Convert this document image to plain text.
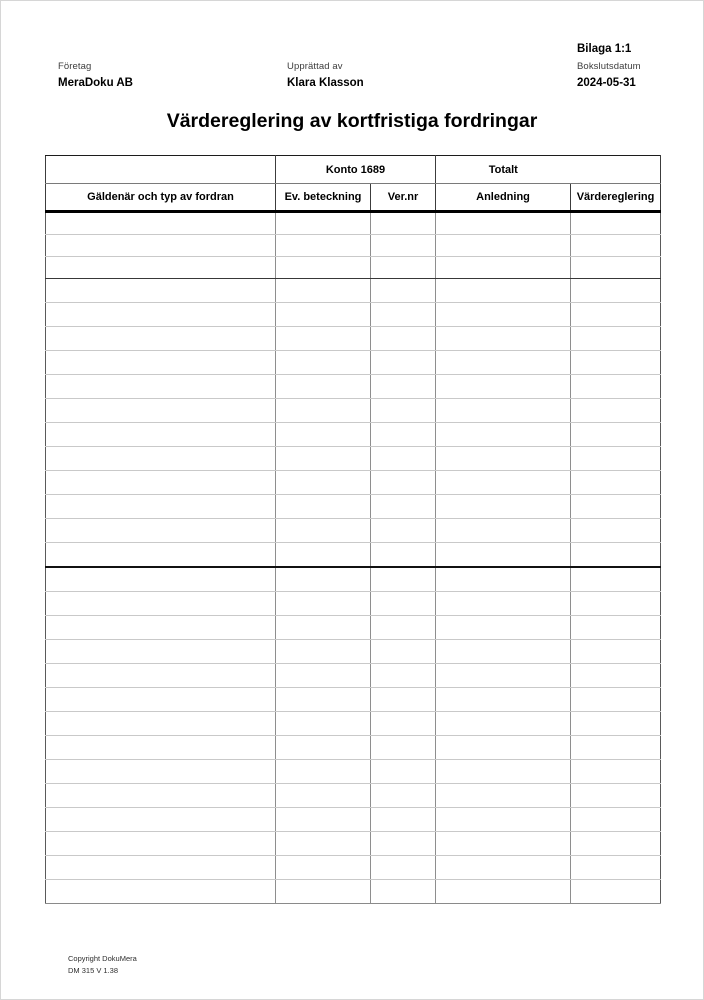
Företag
MeraDoku AB
Upprättad av
Klara Klasson
Bilaga 1:1
Bokslutsdatum
2024-05-31
Värdereglering av kortfristiga fordringar
	Konto 1689		Totalt	
Gäldenär och typ av fordran	Ev. beteckning	Ver.nr	Anledning	Värdereglering

Copyright DokuMera
DM 315 V 1.38
